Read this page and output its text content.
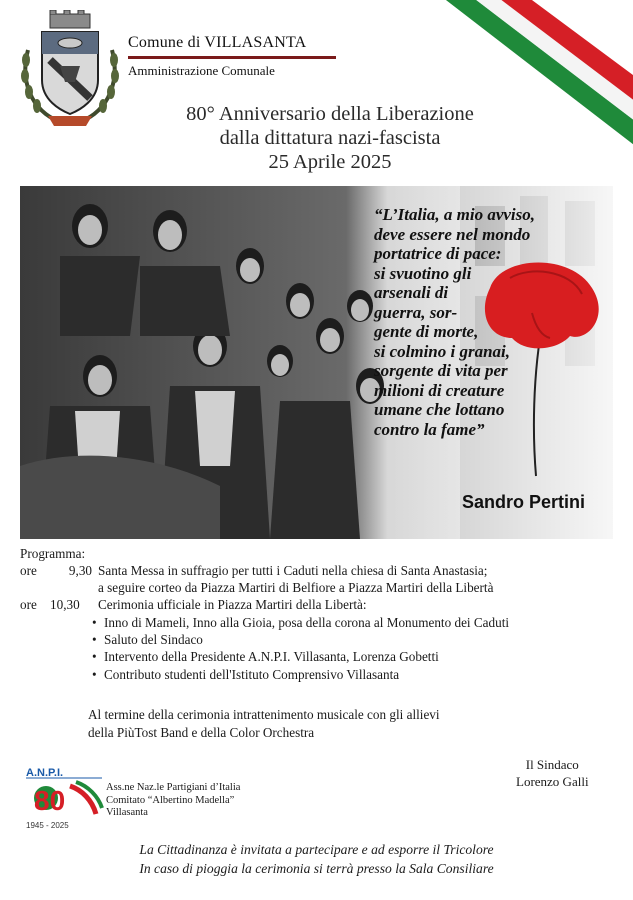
Comune di VILLASANTA
Amministrazione Comunale
80° Anniversario della Liberazione
dalla dittatura nazi-fascista
25 Aprile 2025
“L’Italia, a mio avviso,
deve essere nel mondo
portatrice di pace:
si svuotino gli
arsenali di
guerra, sor-
gente di morte,
si colmino i granai,
sorgente di vita per
milioni di creature
umane che lottano
contro la fame”
Sandro Pertini
Programma:
ore 9,30 Santa Messa in suffragio per tutti i Caduti nella chiesa di Santa Anastasia;
a seguire corteo da Piazza Martiri di Belfiore a Piazza Martiri della Libertà
ore 10,30 Cerimonia ufficiale in Piazza Martiri della Libertà:
• Inno di Mameli, Inno alla Gioia, posa della corona al Monumento dei Caduti
• Saluto del Sindaco
• Intervento della Presidente A.N.P.I. Villasanta, Lorenza Gobetti
• Contributo studenti dell'Istituto Comprensivo Villasanta
Al termine della cerimonia intrattenimento musicale con gli allievi
della PiùTost Band e della Color Orchestra
Il Sindaco
Lorenzo Galli
A.N.P.I.
80
1945 - 2025
Ass.ne Naz.le Partigiani d’Italia
Comitato “Albertino Madella”
Villasanta
La Cittadinanza è invitata a partecipare e ad esporre il Tricolore
In caso di pioggia la cerimonia si terrà presso la Sala Consiliare
